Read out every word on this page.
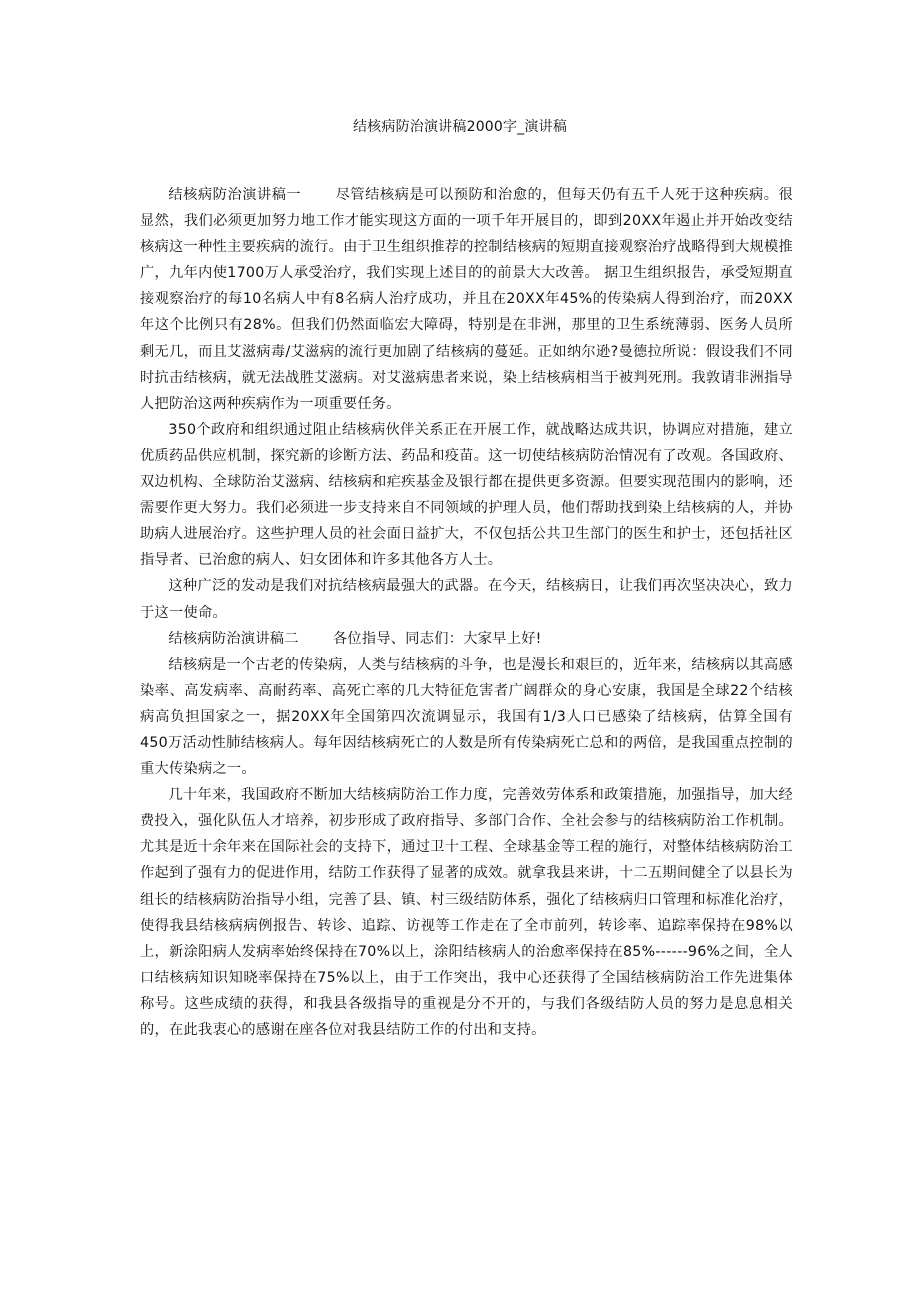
结核病防治演讲稿2000字_演讲稿

结核病防治演讲稿一 尽管结核病是可以预防和治愈的，但每天仍有五千人死于这种疾病。很显然，我们必须更加努力地工作才能实现这方面的一项千年开展目的，即到20XX年遏止并开始改变结核病这一种性主要疾病的流行。由于卫生组织推荐的控制结核病的短期直接观察治疗战略得到大规模推广，九年内使1700万人承受治疗，我们实现上述目的的前景大大改善。 据卫生组织报告，承受短期直接观察治疗的每10名病人中有8名病人治疗成功，并且在20XX年45%的传染病人得到治疗，而20XX年这个比例只有28%。但我们仍然面临宏大障碍，特别是在非洲，那里的卫生系统薄弱、医务人员所剩无几，而且艾滋病毒/艾滋病的流行更加剧了结核病的蔓延。正如纳尔逊?曼德拉所说：假设我们不同时抗击结核病，就无法战胜艾滋病。对艾滋病患者来说，染上结核病相当于被判死刑。我敦请非洲指导人把防治这两种疾病作为一项重要任务。

350个政府和组织通过阻止结核病伙伴关系正在开展工作，就战略达成共识，协调应对措施，建立优质药品供应机制，探究新的诊断方法、药品和疫苗。这一切使结核病防治情况有了改观。各国政府、双边机构、全球防治艾滋病、结核病和疟疾基金及银行都在提供更多资源。但要实现范围内的影响，还需要作更大努力。我们必须进一步支持来自不同领域的护理人员，他们帮助找到染上结核病的人，并协助病人进展治疗。这些护理人员的社会面日益扩大，不仅包括公共卫生部门的医生和护士，还包括社区指导者、已治愈的病人、妇女团体和许多其他各方人士。

这种广泛的发动是我们对抗结核病最强大的武器。在今天，结核病日，让我们再次坚决决心，致力于这一使命。

结核病防治演讲稿二 各位指导、同志们：大家早上好!

结核病是一个古老的传染病，人类与结核病的斗争，也是漫长和艰巨的，近年来，结核病以其高感染率、高发病率、高耐药率、高死亡率的几大特征危害者广阔群众的身心安康，我国是全球22个结核病高负担国家之一，据20XX年全国第四次流调显示，我国有1/3人口已感染了结核病，估算全国有450万活动性肺结核病人。每年因结核病死亡的人数是所有传染病死亡总和的两倍，是我国重点控制的重大传染病之一。

几十年来，我国政府不断加大结核病防治工作力度，完善效劳体系和政策措施，加强指导，加大经费投入，强化队伍人才培养，初步形成了政府指导、多部门合作、全社会参与的结核病防治工作机制。尤其是近十余年来在国际社会的支持下，通过卫十工程、全球基金等工程的施行，对整体结核病防治工作起到了强有力的促进作用，结防工作获得了显著的成效。就拿我县来讲，十二五期间健全了以县长为组长的结核病防治指导小组，完善了县、镇、村三级结防体系，强化了结核病归口管理和标准化治疗，使得我县结核病病例报告、转诊、追踪、访视等工作走在了全市前列，转诊率、追踪率保持在98%以上，新涂阳病人发病率始终保持在70%以上，涂阳结核病人的治愈率保持在85%------96%之间，全人口结核病知识知晓率保持在75%以上，由于工作突出，我中心还获得了全国结核病防治工作先进集体称号。这些成绩的获得，和我县各级指导的重视是分不开的，与我们各级结防人员的努力是息息相关的，在此我衷心的感谢在座各位对我县结防工作的付出和支持。
